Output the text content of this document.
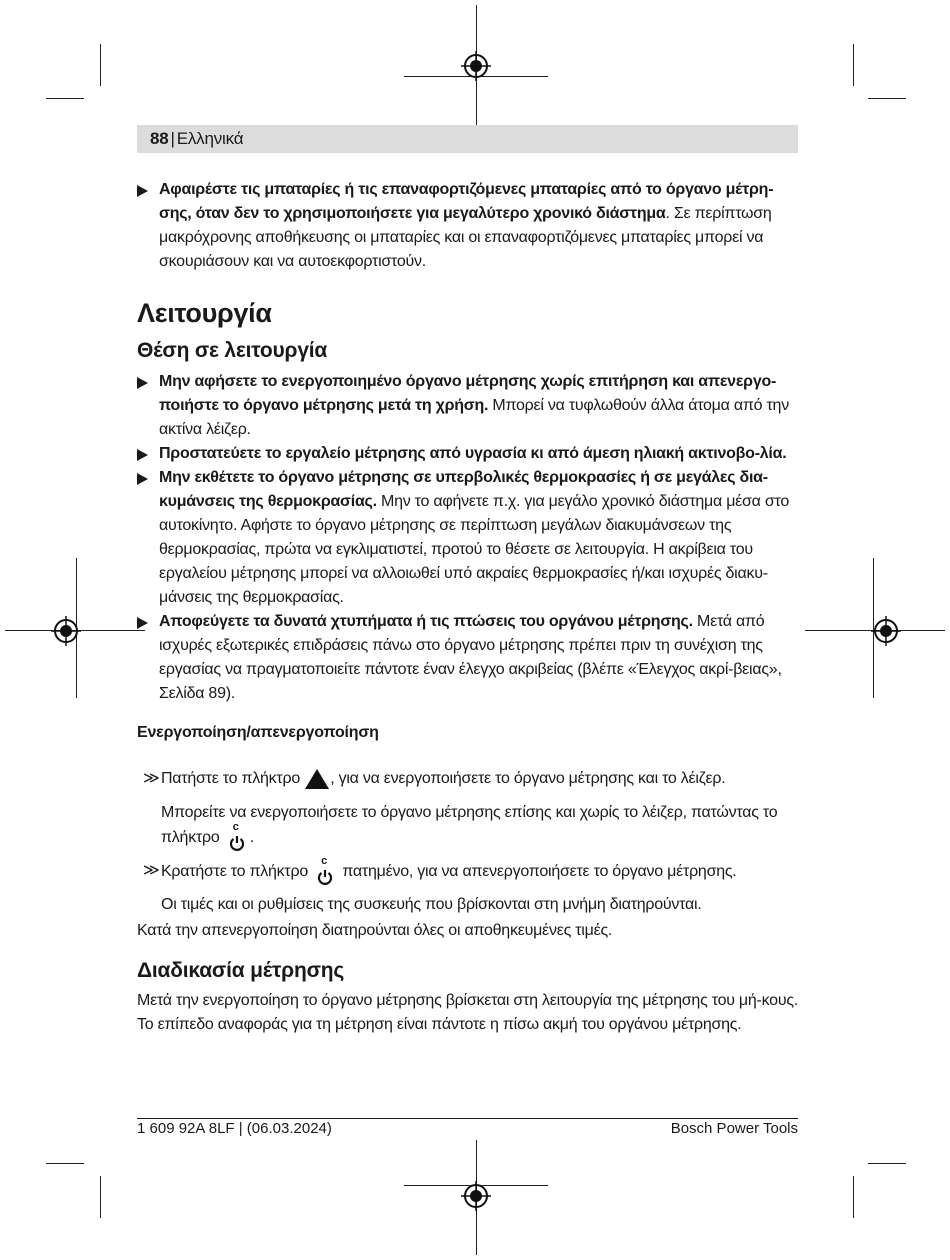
88 | Ελληνικά

Αφαιρέστε τις μπαταρίες ή τις επαναφορτιζόμενες μπαταρίες από το όργανο μέτρη-σης, όταν δεν το χρησιμοποιήσετε για μεγαλύτερο χρονικό διάστημα. Σε περίπτωση μακρόχρονης αποθήκευσης οι μπαταρίες και οι επαναφορτιζόμενες μπαταρίες μπορεί να σκουριάσουν και να αυτοεκφορτιστούν.

Λειτουργία
Θέση σε λειτουργία

Μην αφήσετε το ενεργοποιημένο όργανο μέτρησης χωρίς επιτήρηση και απενεργο-ποιήστε το όργανο μέτρησης μετά τη χρήση. Μπορεί να τυφλωθούν άλλα άτομα από την ακτίνα λέιζερ.

Προστατεύετε το εργαλείο μέτρησης από υγρασία κι από άμεση ηλιακή ακτινοβο-λία.

Μην εκθέτετε το όργανο μέτρησης σε υπερβολικές θερμοκρασίες ή σε μεγάλες δια-κυμάνσεις της θερμοκρασίας. Μην το αφήνετε π.χ. για μεγάλο χρονικό διάστημα μέσα στο αυτοκίνητο. Αφήστε το όργανο μέτρησης σε περίπτωση μεγάλων διακυμάνσεων της θερμοκρασίας, πρώτα να εγκλιματιστεί, προτού το θέσετε σε λειτουργία. Η ακρίβεια του εργαλείου μέτρησης μπορεί να αλλοιωθεί υπό ακραίες θερμοκρασίες ή/και ισχυρές διακυ-μάνσεις της θερμοκρασίας.

Αποφεύγετε τα δυνατά χτυπήματα ή τις πτώσεις του οργάνου μέτρησης. Μετά από ισχυρές εξωτερικές επιδράσεις πάνω στο όργανο μέτρησης πρέπει πριν τη συνέχιση της εργασίας να πραγματοποιείτε πάντοτε έναν έλεγχο ακριβείας (βλέπε «Έλεγχος ακρί-βειας», Σελίδα 89).

Ενεργοποίηση/απενεργοποίηση
≫ Πατήστε το πλήκτρο , για να ενεργοποιήσετε το όργανο μέτρησης και το λέιζερ.
Μπορείτε να ενεργοποιήσετε το όργανο μέτρησης επίσης και χωρίς το λέιζερ, πατώντας το πλήκτρο
c
.
≫ Κρατήστε το πλήκτρο
c
πατημένο, για να απενεργοποιήσετε το όργανο μέτρησης.
Οι τιμές και οι ρυθμίσεις της συσκευής που βρίσκονται στη μνήμη διατηρούνται.
Κατά την απενεργοποίηση διατηρούνται όλες οι αποθηκευμένες τιμές.
Διαδικασία μέτρησης
Μετά την ενεργοποίηση το όργανο μέτρησης βρίσκεται στη λειτουργία της μέτρησης του μή-κους.
Το επίπεδο αναφοράς για τη μέτρηση είναι πάντοτε η πίσω ακμή του οργάνου μέτρησης.
1 609 92A 8LF | (06.03.2024)	Bosch Power Tools
